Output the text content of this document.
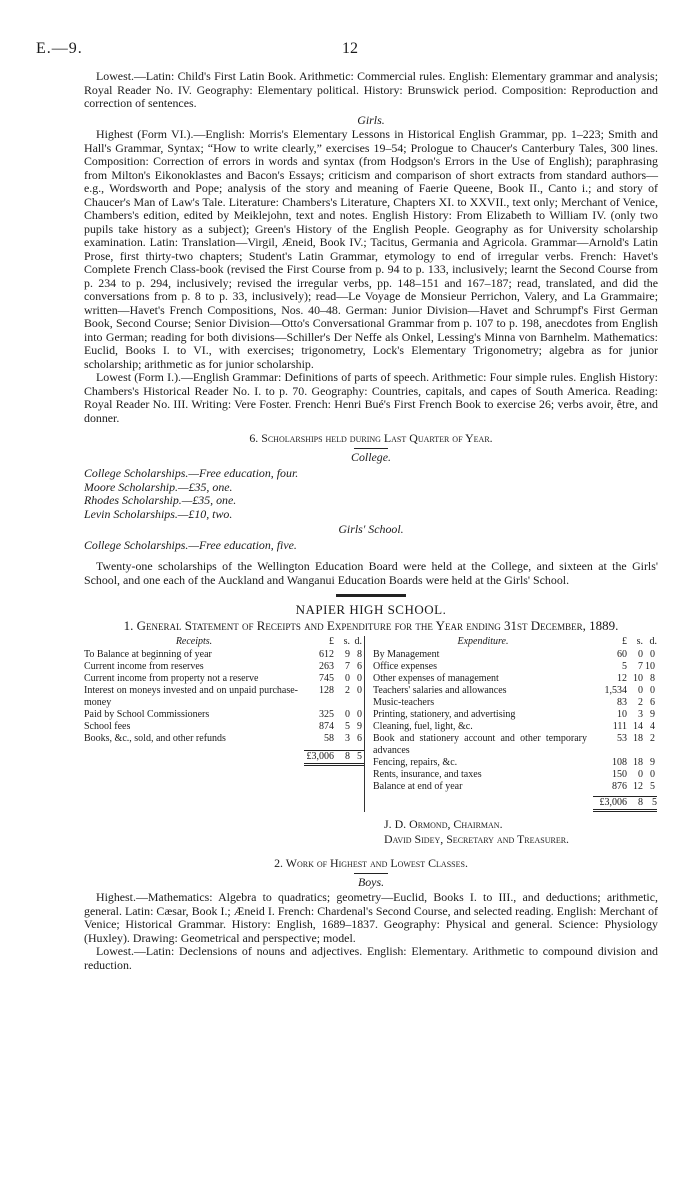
E.—9.	12

Lowest.—Latin: Child's First Latin Book. Arithmetic: Commercial rules. English: Elementary grammar and analysis; Royal Reader No. IV. Geography: Elementary political. History: Brunswick period. Composition: Reproduction and correction of sentences.

Girls.

Highest (Form VI.).—English: Morris's Elementary Lessons in Historical English Grammar, pp. 1–223; Smith and Hall's Grammar, Syntax; “How to write clearly,” exercises 19–54; Prologue to Chaucer's Canterbury Tales, 300 lines. Composition: Correction of errors in words and syntax (from Hodgson's Errors in the Use of English); paraphrasing from Milton's Eikonoklastes and Bacon's Essays; criticism and comparison of short extracts from standard authors—e.g., Wordsworth and Pope; analysis of the story and meaning of Faerie Queene, Book II., Canto i.; and story of Chaucer's Man of Law's Tale. Literature: Chambers's Literature, Chapters XI. to XXVII., text only; Merchant of Venice, Chambers's edition, edited by Meiklejohn, text and notes. English History: From Elizabeth to William IV. (only two pupils take history as a subject); Green's History of the English People. Geography as for University scholarship examination. Latin: Translation—Virgil, Æneid, Book IV.; Tacitus, Germania and Agricola. Grammar—Arnold's Latin Prose, first thirty-two chapters; Student's Latin Grammar, etymology to end of irregular verbs. French: Havet's Complete French Class-book (revised the First Course from p. 94 to p. 133, inclusively; learnt the Second Course from p. 234 to p. 294, inclusively; revised the irregular verbs, pp. 148–151 and 167–187; read, translated, and did the conversations from p. 8 to p. 33, inclusively); read—Le Voyage de Monsieur Perrichon, Valery, and La Grammaire; written—Havet's French Compositions, Nos. 40–48. German: Junior Division—Havet and Schrumpf's First German Book, Second Course; Senior Division—Otto's Conversational Grammar from p. 107 to p. 198, anecdotes from English into German; reading for both divisions—Schiller's Der Neffe als Onkel, Lessing's Minna von Barnhelm. Mathematics: Euclid, Books I. to VI., with exercises; trigonometry, Lock's Elementary Trigonometry; algebra as for junior scholarship; arithmetic as for junior scholarship.

Lowest (Form I.).—English Grammar: Definitions of parts of speech. Arithmetic: Four simple rules. English History: Chambers's Historical Reader No. I. to p. 70. Geography: Countries, capitals, and capes of South America. Reading: Royal Reader No. III. Writing: Vere Foster. French: Henri Bué's First French Book to exercise 26; verbs avoir, être, and donner.

6. Scholarships held during Last Quarter of Year.

College.

College Scholarships.—Free education, four.
Moore Scholarship.—£35, one.
Rhodes Scholarship.—£35, one.
Levin Scholarships.—£10, two.

Girls' School.

College Scholarships.—Free education, five.

Twenty-one scholarships of the Wellington Education Board were held at the College, and sixteen at the Girls' School, and one each of the Auckland and Wanganui Education Boards were held at the Girls' School.

NAPIER HIGH SCHOOL.

1. General Statement of Receipts and Expenditure for the Year ending 31st December, 1889.

Receipts.	£	s.	d.
To Balance at beginning of year	612	9	8
Current income from reserves	263	7	6
Current income from property not a reserve	745	0	0
Interest on moneys invested and on unpaid purchase-money	128	2	0
Paid by School Commissioners	325	0	0
School fees	874	5	9
Books, &c., sold, and other refunds	58	3	6

	£3,006	8	5

Expenditure.	£	s.	d.
By Management	60	0	0
Office expenses	5	7	10
Other expenses of management	12	10	8
Teachers' salaries and allowances	1,534	0	0
Music-teachers	83	2	6
Printing, stationery, and advertising	10	3	9
Cleaning, fuel, light, &c.	111	14	4
Book and stationery account and other temporary advances	53	18	2
Fencing, repairs, &c.	108	18	9
Rents, insurance, and taxes	150	0	0
Balance at end of year	876	12	5

	£3,006	8	5
J. D. Ormond, Chairman.
David Sidey, Secretary and Treasurer.

2. Work of Highest and Lowest Classes.

Boys.

Highest.—Mathematics: Algebra to quadratics; geometry—Euclid, Books I. to III., and deductions; arithmetic, general. Latin: Cæsar, Book I.; Æneid I. French: Chardenal's Second Course, and selected reading. English: Merchant of Venice; Historical Grammar. History: English, 1689–1837. Geography: Physical and general. Science: Physiology (Huxley). Drawing: Geometrical and perspective; model.

Lowest.—Latin: Declensions of nouns and adjectives. English: Elementary. Arithmetic to compound division and reduction.
